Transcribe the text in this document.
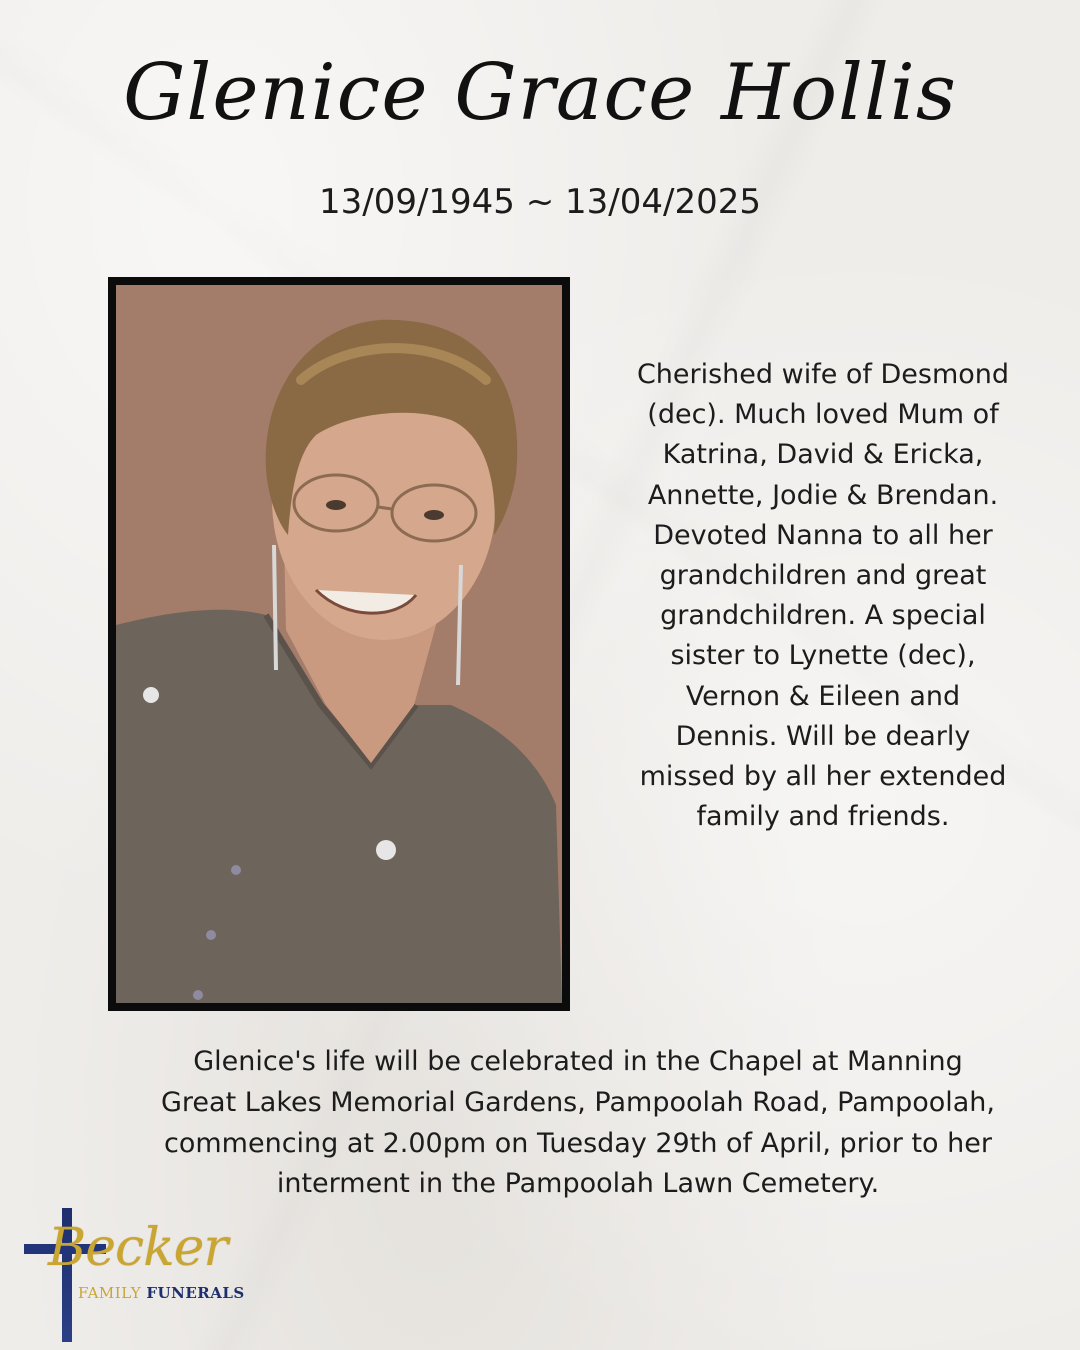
Glenice Grace Hollis
13/09/1945 ~ 13/04/2025
Cherished wife of Desmond (dec). Much loved Mum of Katrina, David & Ericka, Annette, Jodie & Brendan. Devoted Nanna to all her grandchildren and great grandchildren. A special sister to Lynette (dec), Vernon & Eileen and Dennis. Will be dearly missed by all her extended family and friends.
Glenice's life will be celebrated in the Chapel at Manning Great Lakes Memorial Gardens, Pampoolah Road, Pampoolah, commencing at 2.00pm on Tuesday 29th of April, prior to her interment in the Pampoolah Lawn Cemetery.
Becker
FAMILY FUNERALS
